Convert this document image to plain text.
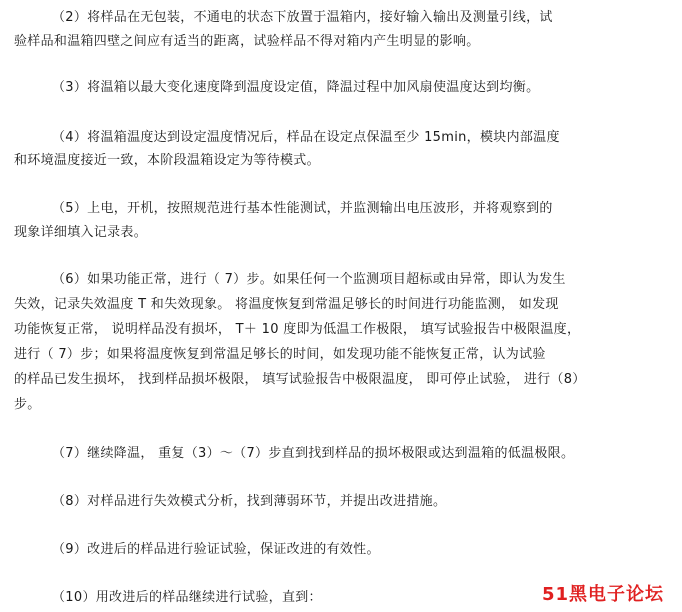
（2）将样品在无包装，不通电的状态下放置于温箱内，接好输入输出及测量引线，试
验样品和温箱四壁之间应有适当的距离，试验样品不得对箱内产生明显的影响。
（3）将温箱以最大变化速度降到温度设定值，降温过程中加风扇使温度达到均衡。
（4）将温箱温度达到设定温度情况后，样品在设定点保温至少 15min，模块内部温度
和环境温度接近一致，本阶段温箱设定为等待模式。
（5）上电，开机，按照规范进行基本性能测试，并监测输出电压波形，并将观察到的
现象详细填入记录表。
（6）如果功能正常，进行（ 7）步。如果任何一个监测项目超标或由异常，即认为发生
失效，记录失效温度 T 和失效现象。 将温度恢复到常温足够长的时间进行功能监测， 如发现
功能恢复正常， 说明样品没有损坏， T＋ 10 度即为低温工作极限， 填写试验报告中极限温度，
进行（ 7）步；如果将温度恢复到常温足够长的时间，如发现功能不能恢复正常，认为试验
的样品已发生损坏， 找到样品损坏极限， 填写试验报告中极限温度， 即可停止试验， 进行（8）
步。
（7）继续降温， 重复（3）～（7）步直到找到样品的损坏极限或达到温箱的低温极限。
（8）对样品进行失效模式分析，找到薄弱环节，并提出改进措施。
（9）改进后的样品进行验证试验，保证改进的有效性。
（10）用改进后的样品继续进行试验，直到：	51黑电子论坛
